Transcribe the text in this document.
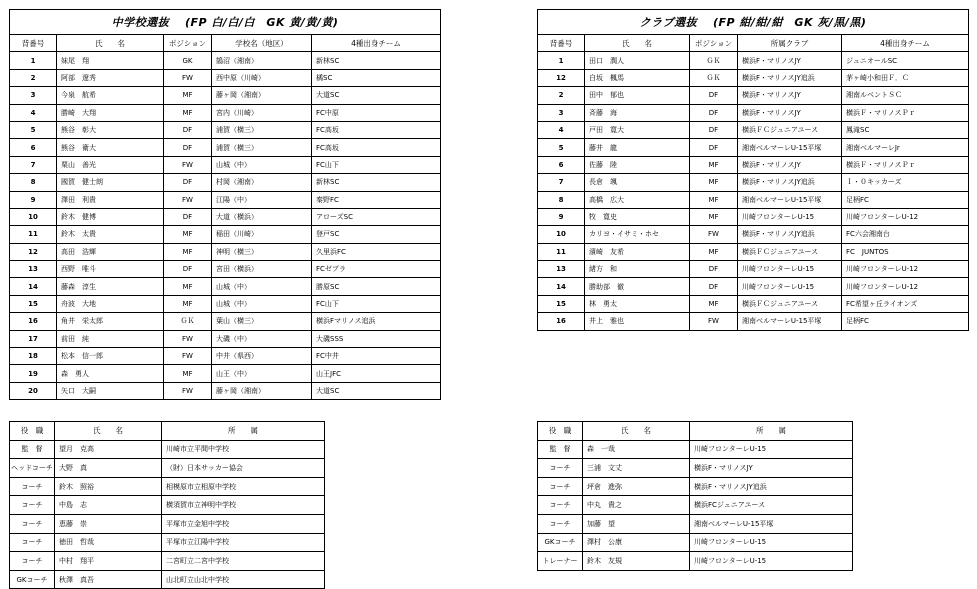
中学校選抜　 (FP 白/白/白　GK 黄/黄/黄)				
背番号	氏　　名	ポジション	学校名（地区）	4種出身チーム
1	妹尾　翔	GK	鵠沼（湘南）	新林SC
2	阿部　遼秀	FW	西中原（川崎）	橘SC
3	今泉　航希	MF	藤ヶ岡（湘南）	大道SC
4	勝崎　大翔	MF	宮内（川崎）	FC中原
5	熊谷　彰大	DF	浦賀（横三）	FC高坂
6	熊谷　衛大	DF	浦賀（横三）	FC高坂
7	栗山　善光	FW	山城（中）	FC山下
8	國賀　健士朗	DF	村岡（湘南）	新林SC
9	澤田　利貴	FW	江陽（中）	秦野FC
10	鈴木　健博	DF	大道（横浜）	アローズSC
11	鈴木　太貴	MF	稲田（川崎）	登戸SC
12	高田　浩輝	MF	神明（横三）	久里浜FC
13	西野　唯斗	DF	宮田（横浜）	FCゼブラ
14	藤森　淳生	MF	山城（中）	勝原SC
15	舟波　大地	MF	山城（中）	FC山下
16	角井　栄太郎	ＧＫ	葉山（横三）	横浜Fマリノス追浜
17	前田　純	FW	大磯（中）	大磯SSS
18	松本　信一郎	FW	中井（県西）	FC中井
19	森　勇人	MF	山王（中）	山王JFC
20	矢口　大嗣	FW	藤ヶ岡（湘南）	大道SC
クラブ選抜　 (FP 紺/紺/紺　GK 灰/黒/黒)				
背番号	氏　　名	ポジション	所属クラブ	4種出身チーム
1	田口　潤人	ＧＫ	横浜F・マリノスJY	ジュニオールSC
12	白坂　楓馬	ＧＫ	横浜F・マリノスJY追浜	茅ヶ崎小和田Ｆ．Ｃ
2	田中　郁也	DF	横浜F・マリノスJY	湘南ルベントＳＣ
3	斉藤　海	DF	横浜F・マリノスJY	横浜Ｆ・マリノスＰｒ
4	戸田　寛大	DF	横浜ＦＣジュニアユース	鳳滝SC
5	藤井　龍	DF	湘南ベルマーレU-15平塚	湘南ベルマーレJr
6	佐藤　陸	MF	横浜F・マリノスJY	横浜Ｆ・マリノスＰｒ
7	長倉　颯	MF	横浜F・マリノスJY追浜	Ｉ・０キッカーズ
8	高橋　広大	MF	湘南ベルマーレU-15平塚	足柄FC
9	牧　寛史	MF	川崎フロンターレU-15	川崎フロンターレU-12
10	カリヨ・イサミ・ホセ	FW	横浜F・マリノスJY追浜	FC六会湘南台
11	濱崎　友希	MF	横浜ＦＣジュニアユース	FC　JUNTOS
13	緒方　和	DF	川崎フロンターレU-15	川崎フロンターレU-12
14	勝助部　徹	DF	川崎フロンターレU-15	川崎フロンターレU-12
15	林　勇太	MF	横浜ＦＣジュニアユース	FC希望ヶ丘ライオンズ
16	井上　雅也	FW	湘南ベルマーレU-15平塚	足柄FC
役　職	氏　　名	所　　属
監　督	望月　克高	川崎市立平間中学校
ヘッドコーチ	大野　真	（財）日本サッカー協会
コーチ	鈴木　照裕	相模原市立相原中学校
コーチ	中島　志	横須賀市立神明中学校
コーチ	恵藤　崇	平塚市立金旭中学校
コーチ	徳田　哲哉	平塚市立江陽中学校
コーチ	中村　翔平	二宮町立二宮中学校
GKコーチ	秋澤　真吾	山北町立山北中学校
役　職	氏　　名	所　　属
監　督	森　一哉	川崎フロンターレU-15
コーチ	三浦　文丈	横浜F・マリノスJY
コーチ	坪倉　進弥	横浜F・マリノスJY追浜
コーチ	中丸　貴之	横浜FCジュニアユース
コーチ	加藤　望	湘南ベルマーレU-15平塚
GKコーチ	澤村　公康	川崎フロンターレU-15
トレーナー	鈴木　友規	川崎フロンターレU-15
